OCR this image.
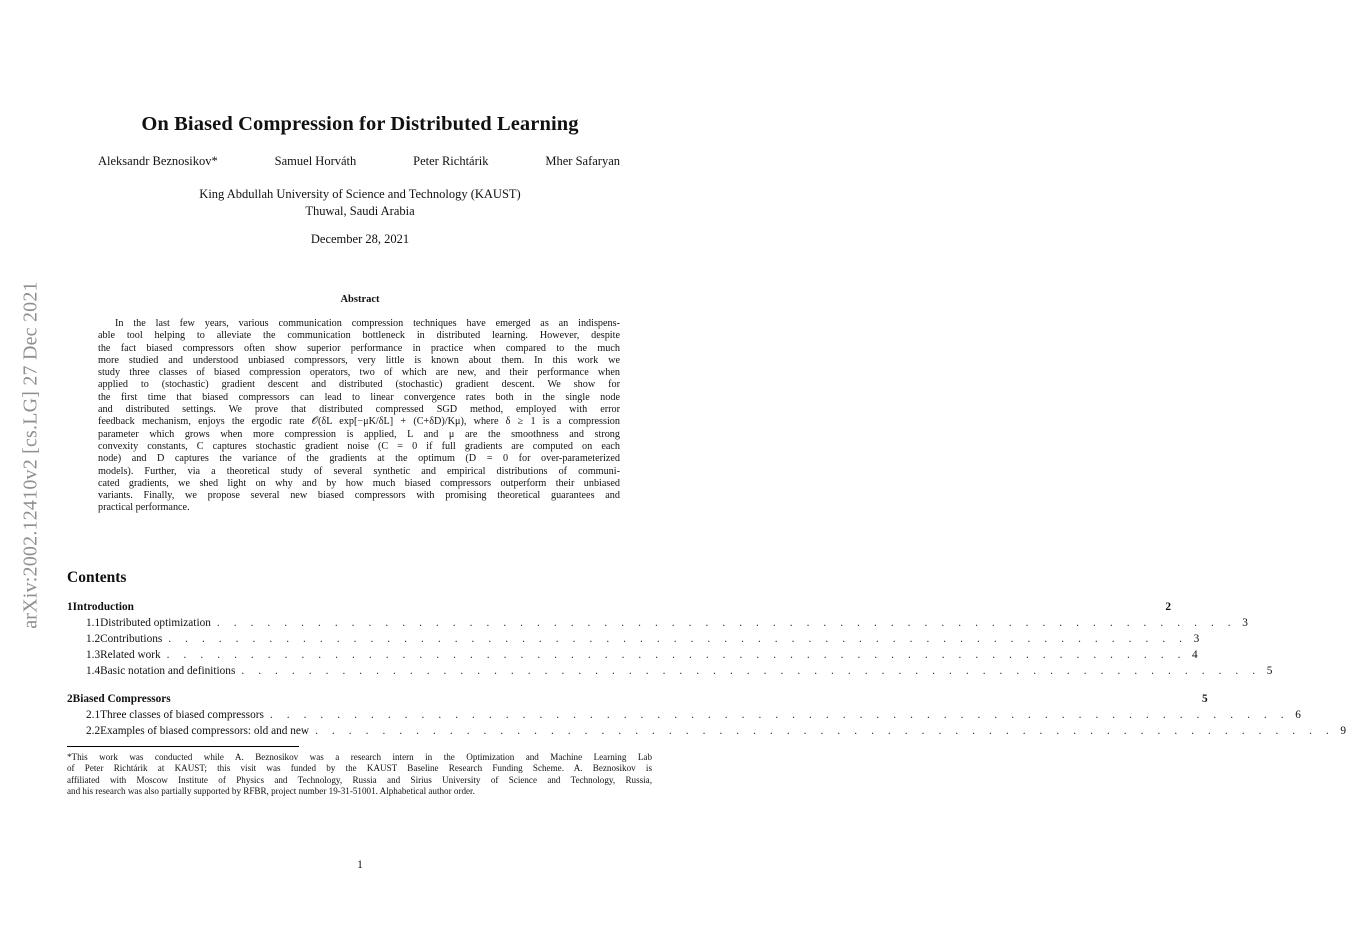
arXiv:2002.12410v2 [cs.LG] 27 Dec 2021
On Biased Compression for Distributed Learning
Aleksandr Beznosikov*	Samuel Horváth	Peter Richtárik	Mher Safaryan
King Abdullah University of Science and Technology (KAUST)
Thuwal, Saudi Arabia
December 28, 2021
Abstract
In the last few years, various communication compression techniques have emerged as an indispens-
able tool helping to alleviate the communication bottleneck in distributed learning. However, despite
the fact biased compressors often show superior performance in practice when compared to the much
more studied and understood unbiased compressors, very little is known about them. In this work we
study three classes of biased compression operators, two of which are new, and their performance when
applied to (stochastic) gradient descent and distributed (stochastic) gradient descent. We show for
the first time that biased compressors can lead to linear convergence rates both in the single node
and distributed settings. We prove that distributed compressed SGD method, employed with error
feedback mechanism, enjoys the ergodic rate 𝒪(δL exp[−μK/δL] + (C+δD)/Kμ), where δ ≥ 1 is a compression
parameter which grows when more compression is applied, L and μ are the smoothness and strong
convexity constants, C captures stochastic gradient noise (C = 0 if full gradients are computed on each
node) and D captures the variance of the gradients at the optimum (D = 0 for over-parameterized
models). Further, via a theoretical study of several synthetic and empirical distributions of communi-
cated gradients, we shed light on why and by how much biased compressors outperform their unbiased
variants. Finally, we propose several new biased compressors with promising theoretical guarantees and
practical performance.
Contents
1 Introduction	2
1.1 Distributed optimization . . . . . . . . . . . . . . . . . . . . . . . . . . . . . . . . . . . . . . . . . . . . . . . . . . . . . . . . . . . . . 3
1.2 Contributions . . . . . . . . . . . . . . . . . . . . . . . . . . . . . . . . . . . . . . . . . . . . . . . . . . . . . . . . . . . . . 3
1.3 Related work . . . . . . . . . . . . . . . . . . . . . . . . . . . . . . . . . . . . . . . . . . . . . . . . . . . . . . . . . . . . . 4
1.4 Basic notation and definitions . . . . . . . . . . . . . . . . . . . . . . . . . . . . . . . . . . . . . . . . . . . . . . . . . . . . . . . . . . . . . 5
2 Biased Compressors	5
2.1 Three classes of biased compressors . . . . . . . . . . . . . . . . . . . . . . . . . . . . . . . . . . . . . . . . . . . . . . . . . . . . . . . . . . . . . 6
2.2 Examples of biased compressors: old and new . . . . . . . . . . . . . . . . . . . . . . . . . . . . . . . . . . . . . . . . . . . . . . . . . . . . . . . . . . . . . 9
*This work was conducted while A. Beznosikov was a research intern in the Optimization and Machine Learning Lab
of Peter Richtárik at KAUST; this visit was funded by the KAUST Baseline Research Funding Scheme. A. Beznosikov is
affiliated with Moscow Institute of Physics and Technology, Russia and Sirius University of Science and Technology, Russia,
and his research was also partially supported by RFBR, project number 19-31-51001. Alphabetical author order.
1
